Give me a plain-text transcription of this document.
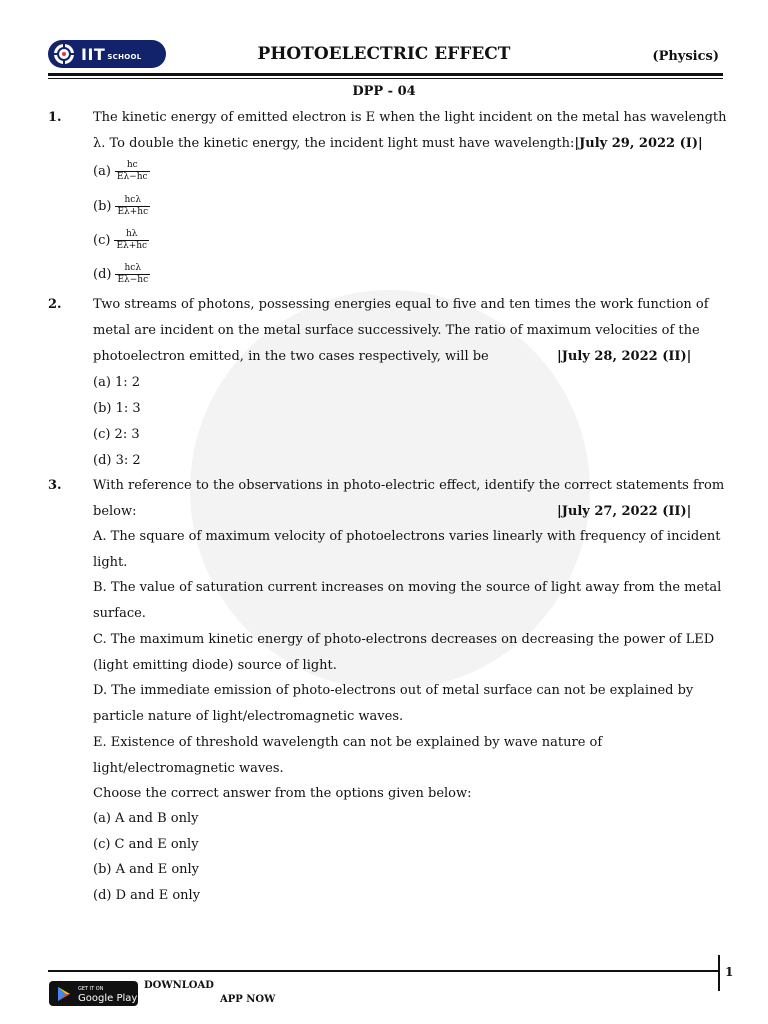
IIT SCHOOL	PHOTOELECTRIC EFFECT	(Physics)
DPP - 04
1. The kinetic energy of emitted electron is E when the light incident on the metal has wavelength
λ. To double the kinetic energy, the incident light must have wavelength:|July 29, 2022 (I)|
$(a) \frac{hc}{E\lambda-hc}$
$(b) \frac{\text{hcλ}}{E\lambda+hc}$
$(c) \frac{h\lambda}{E\lambda+hc}$
$(d) \frac{\text{hcλ}}{E\lambda-hc}$
2. Two streams of photons, possessing energies equal to five and ten times the work function of
metal are incident on the metal surface successively. The ratio of maximum velocities of the
photoelectron emitted, in the two cases respectively, will be	|July 28, 2022 (II)|
(a) 1: 2
(b) 1: 3
(c) 2: 3
(d) 3: 2
3. With reference to the observations in photo-electric effect, identify the correct statements from
below:	|July 27, 2022 (II)|
A. The square of maximum velocity of photoelectrons varies linearly with frequency of incident
light.
B. The value of saturation current increases on moving the source of light away from the metal
surface.
C. The maximum kinetic energy of photo-electrons decreases on decreasing the power of LED
(light emitting diode) source of light.
D. The immediate emission of photo-electrons out of metal surface can not be explained by
particle nature of light/electromagnetic waves.
E. Existence of threshold wavelength can not be explained by wave nature of
light/electromagnetic waves.
Choose the correct answer from the options given below:
(a) A and B only
(c) C and E only
(b) A and E only
(d) D and E only
1
GET IT ON
Google Play
DOWNLOAD
APP NOW
